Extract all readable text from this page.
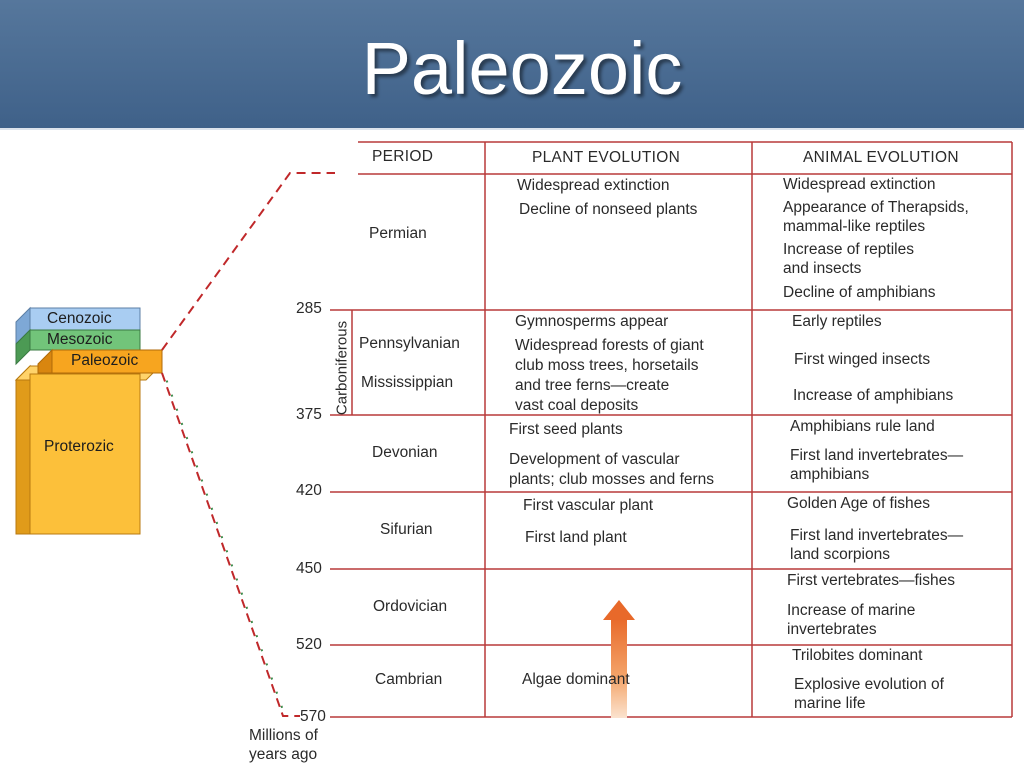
Paleozoic
Cenozoic
Mesozoic
Paleozoic
Proterozic
285
375
420
450
520
570
Carboniferous
Millions of
years ago
PERIOD	PLANT EVOLUTION	ANIMAL EVOLUTION
Permian
Pennsylvanian
Mississippian
Devonian
Sifurian
Ordovician
Cambrian
Widespread extinction
Decline of nonseed plants
Gymnosperms appear
Widespread forests of giant
club moss trees, horsetails
and tree ferns—create
vast coal deposits
First seed plants
Development of vascular
plants; club mosses and ferns
First vascular plant
First land plant
Algae dominant
Widespread extinction
Appearance of Therapsids,
mammal-like reptiles
Increase of reptiles
and insects
Decline of amphibians
Early reptiles
First winged insects
Increase of amphibians
Amphibians rule land
First land invertebrates—
amphibians
Golden Age of fishes
First land invertebrates—
land scorpions
First vertebrates—fishes
Increase of marine
invertebrates
Trilobites dominant
Explosive evolution of
marine life
